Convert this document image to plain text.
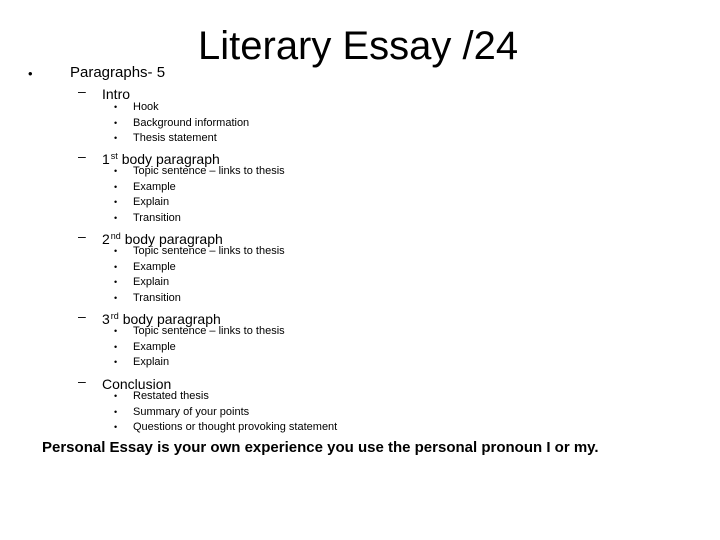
Literary Essay /24
• Paragraphs- 5
– Intro
• Hook
• Background information
• Thesis statement
– 1st body paragraph
• Topic sentence – links to thesis
• Example
• Explain
• Transition
– 2nd body paragraph
• Topic sentence – links to thesis
• Example
• Explain
• Transition
– 3rd body paragraph
• Topic sentence – links to thesis
• Example
• Explain
– Conclusion
• Restated thesis
• Summary of your points
• Questions or thought provoking statement
Personal Essay is your own experience you use the personal pronoun I or my.
